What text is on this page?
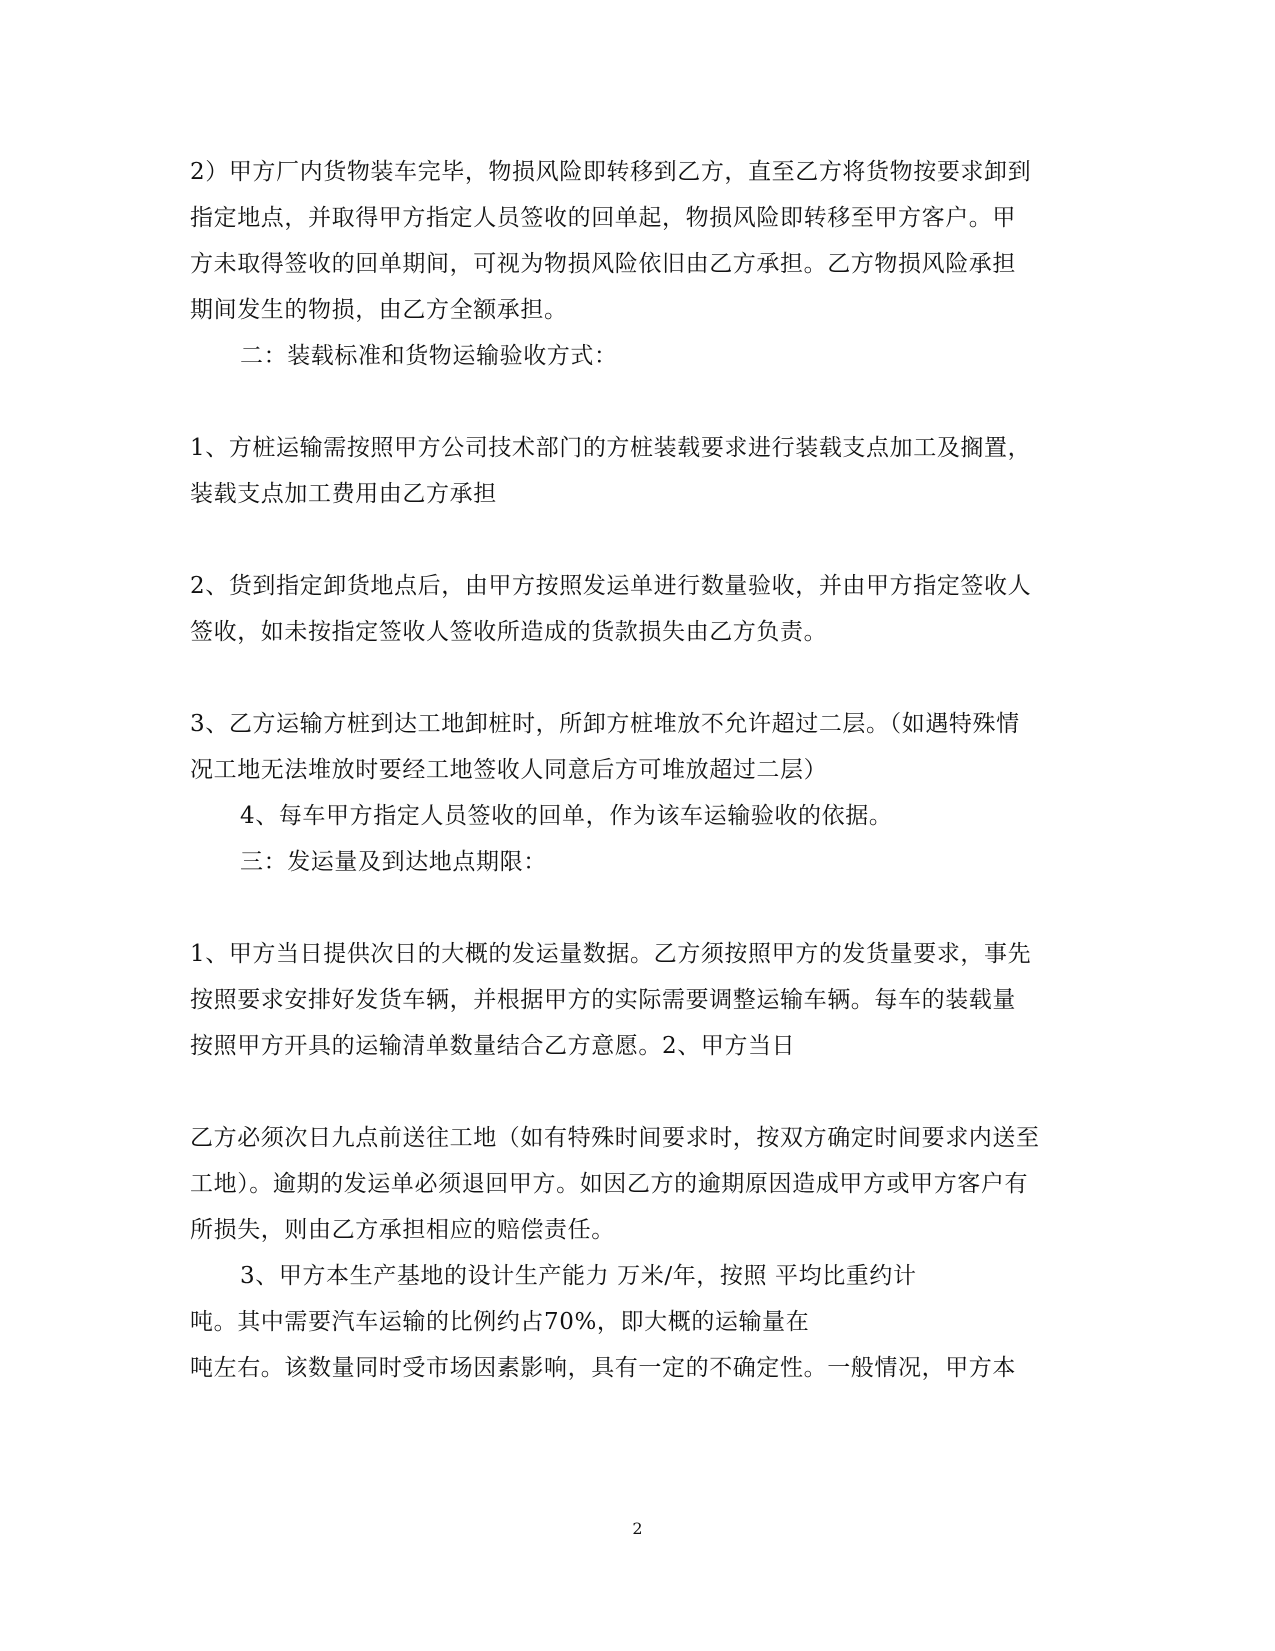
2）甲方厂内货物装车完毕，物损风险即转移到乙方，直至乙方将货物按要求卸到
指定地点，并取得甲方指定人员签收的回单起，物损风险即转移至甲方客户。甲
方未取得签收的回单期间，可视为物损风险依旧由乙方承担。乙方物损风险承担
期间发生的物损，由乙方全额承担。
二：装载标准和货物运输验收方式：
1、方桩运输需按照甲方公司技术部门的方桩装载要求进行装载支点加工及搁置，
装载支点加工费用由乙方承担
2、货到指定卸货地点后，由甲方按照发运单进行数量验收，并由甲方指定签收人
签收，如未按指定签收人签收所造成的货款损失由乙方负责。
3、乙方运输方桩到达工地卸桩时，所卸方桩堆放不允许超过二层。（如遇特殊情
况工地无法堆放时要经工地签收人同意后方可堆放超过二层）
4、每车甲方指定人员签收的回单，作为该车运输验收的依据。
三：发运量及到达地点期限：
1、甲方当日提供次日的大概的发运量数据。乙方须按照甲方的发货量要求，事先
按照要求安排好发货车辆，并根据甲方的实际需要调整运输车辆。每车的装载量
按照甲方开具的运输清单数量结合乙方意愿。2、甲方当日
乙方必须次日九点前送往工地（如有特殊时间要求时，按双方确定时间要求内送至
工地）。逾期的发运单必须退回甲方。如因乙方的逾期原因造成甲方或甲方客户有
所损失，则由乙方承担相应的赔偿责任。
3、甲方本生产基地的设计生产能力 万米/年，按照 平均比重约计
吨。其中需要汽车运输的比例约占70%，即大概的运输量在
吨左右。该数量同时受市场因素影响，具有一定的不确定性。一般情况，甲方本
2
